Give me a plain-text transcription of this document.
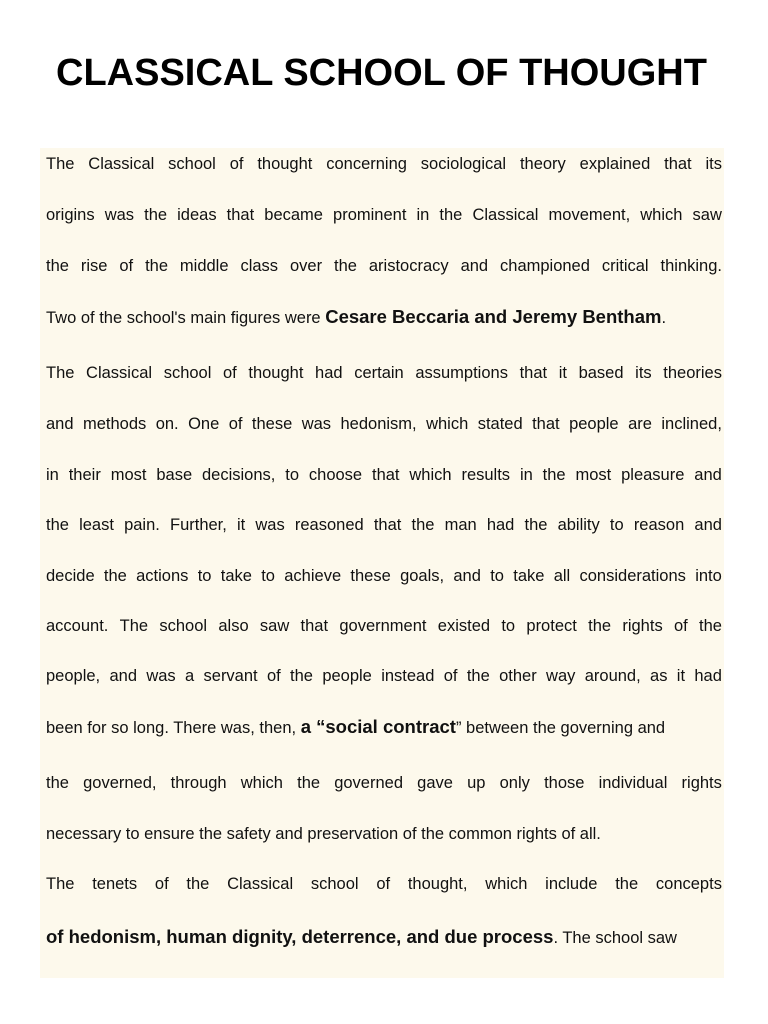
CLASSICAL SCHOOL OF THOUGHT
The Classical school of thought concerning sociological theory explained that its
origins was the ideas that became prominent in the Classical movement, which saw
the rise of the middle class over the aristocracy and championed critical thinking.
Two of the school's main figures were Cesare Beccaria and Jeremy Bentham.
The Classical school of thought had certain assumptions that it based its theories
and methods on. One of these was hedonism, which stated that people are inclined,
in their most base decisions, to choose that which results in the most pleasure and
the least pain. Further, it was reasoned that the man had the ability to reason and
decide the actions to take to achieve these goals, and to take all considerations into
account. The school also saw that government existed to protect the rights of the
people, and was a servant of the people instead of the other way around, as it had
been for so long. There was, then, a “social contract” between the governing and
the governed, through which the governed gave up only those individual rights
necessary to ensure the safety and preservation of the common rights of all.
The tenets of the Classical school of thought, which include the concepts
of hedonism, human dignity, deterrence, and due process. The school saw
